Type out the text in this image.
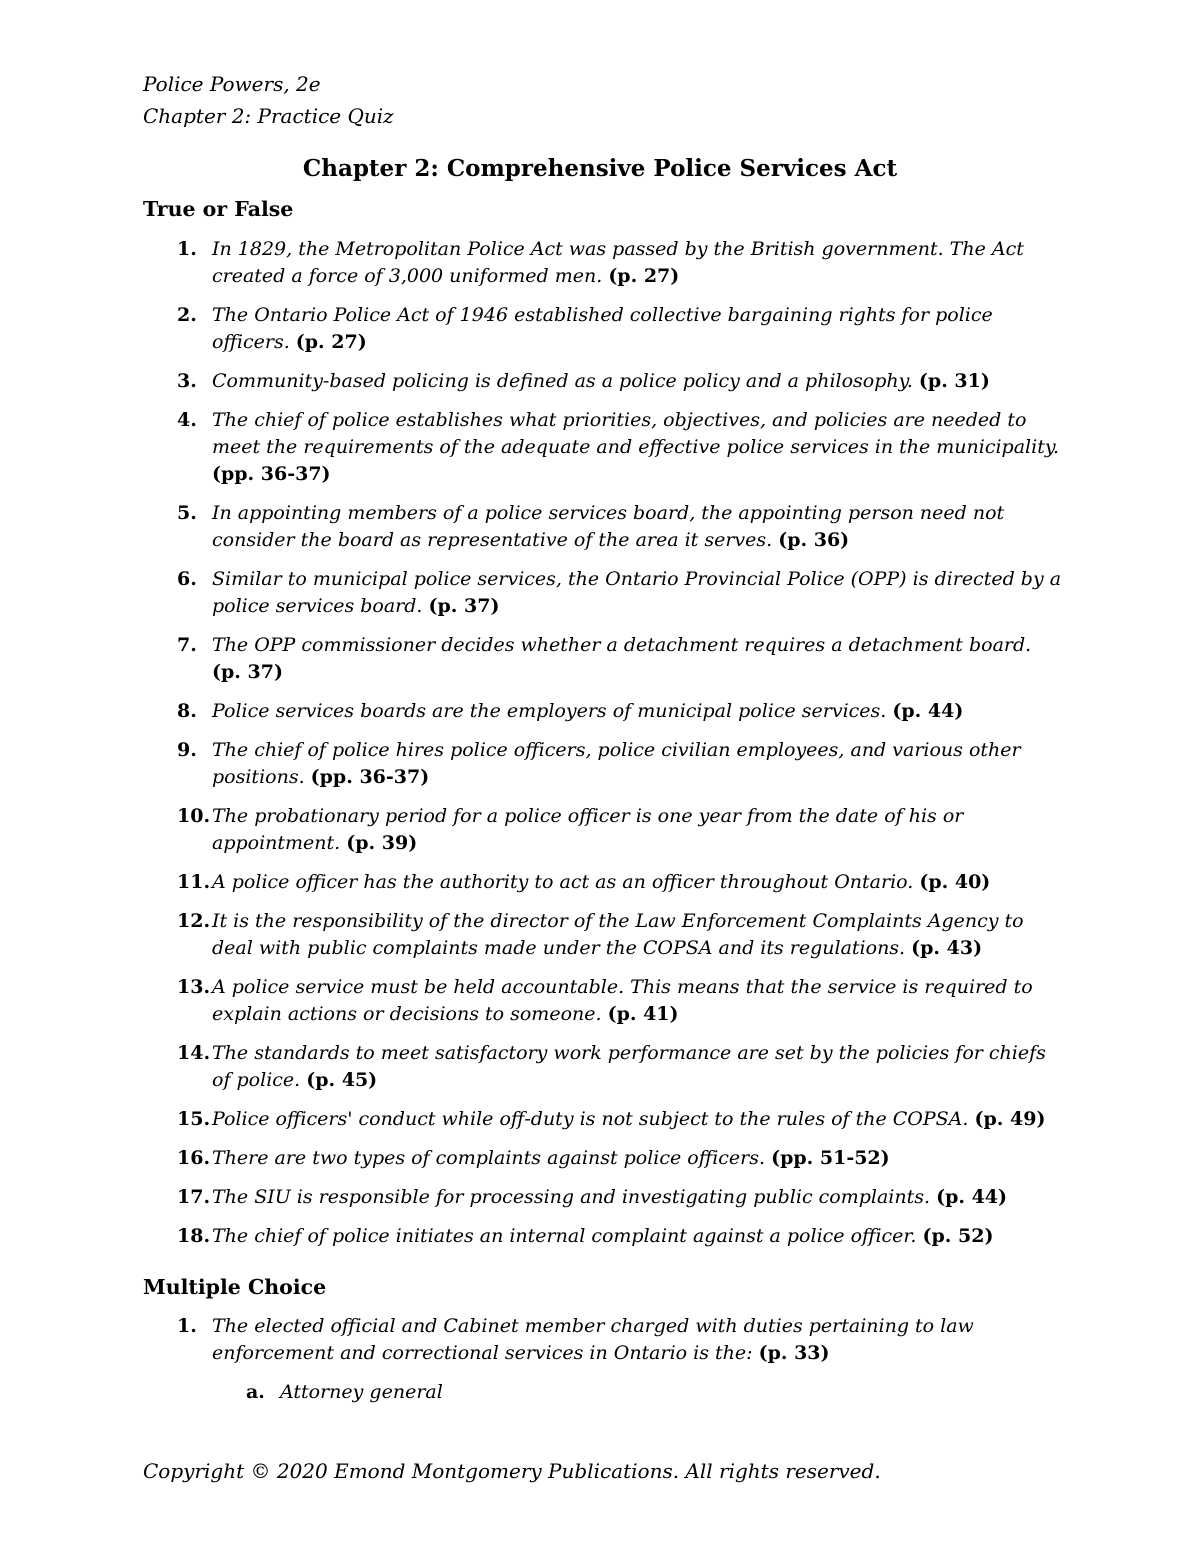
Police Powers, 2e
Chapter 2: Practice Quiz
Chapter 2: Comprehensive Police Services Act
True or False
1. In 1829, the Metropolitan Police Act was passed by the British government. The Act created a force of 3,000 uniformed men. (p. 27)
2. The Ontario Police Act of 1946 established collective bargaining rights for police officers. (p. 27)
3. Community-based policing is defined as a police policy and a philosophy. (p. 31)
4. The chief of police establishes what priorities, objectives, and policies are needed to meet the requirements of the adequate and effective police services in the municipality. (pp. 36-37)
5. In appointing members of a police services board, the appointing person need not consider the board as representative of the area it serves. (p. 36)
6. Similar to municipal police services, the Ontario Provincial Police (OPP) is directed by a police services board. (p. 37)
7. The OPP commissioner decides whether a detachment requires a detachment board. (p. 37)
8. Police services boards are the employers of municipal police services. (p. 44)
9. The chief of police hires police officers, police civilian employees, and various other positions. (pp. 36-37)
10. The probationary period for a police officer is one year from the date of his or appointment. (p. 39)
11. A police officer has the authority to act as an officer throughout Ontario. (p. 40)
12. It is the responsibility of the director of the Law Enforcement Complaints Agency to deal with public complaints made under the COPSA and its regulations. (p. 43)
13. A police service must be held accountable. This means that the service is required to explain actions or decisions to someone. (p. 41)
14. The standards to meet satisfactory work performance are set by the policies for chiefs of police. (p. 45)
15. Police officers' conduct while off-duty is not subject to the rules of the COPSA. (p. 49)
16. There are two types of complaints against police officers. (pp. 51-52)
17. The SIU is responsible for processing and investigating public complaints. (p. 44)
18. The chief of police initiates an internal complaint against a police officer. (p. 52)
Multiple Choice
1. The elected official and Cabinet member charged with duties pertaining to law enforcement and correctional services in Ontario is the: (p. 33)
a. Attorney general
Copyright © 2020 Emond Montgomery Publications. All rights reserved.
